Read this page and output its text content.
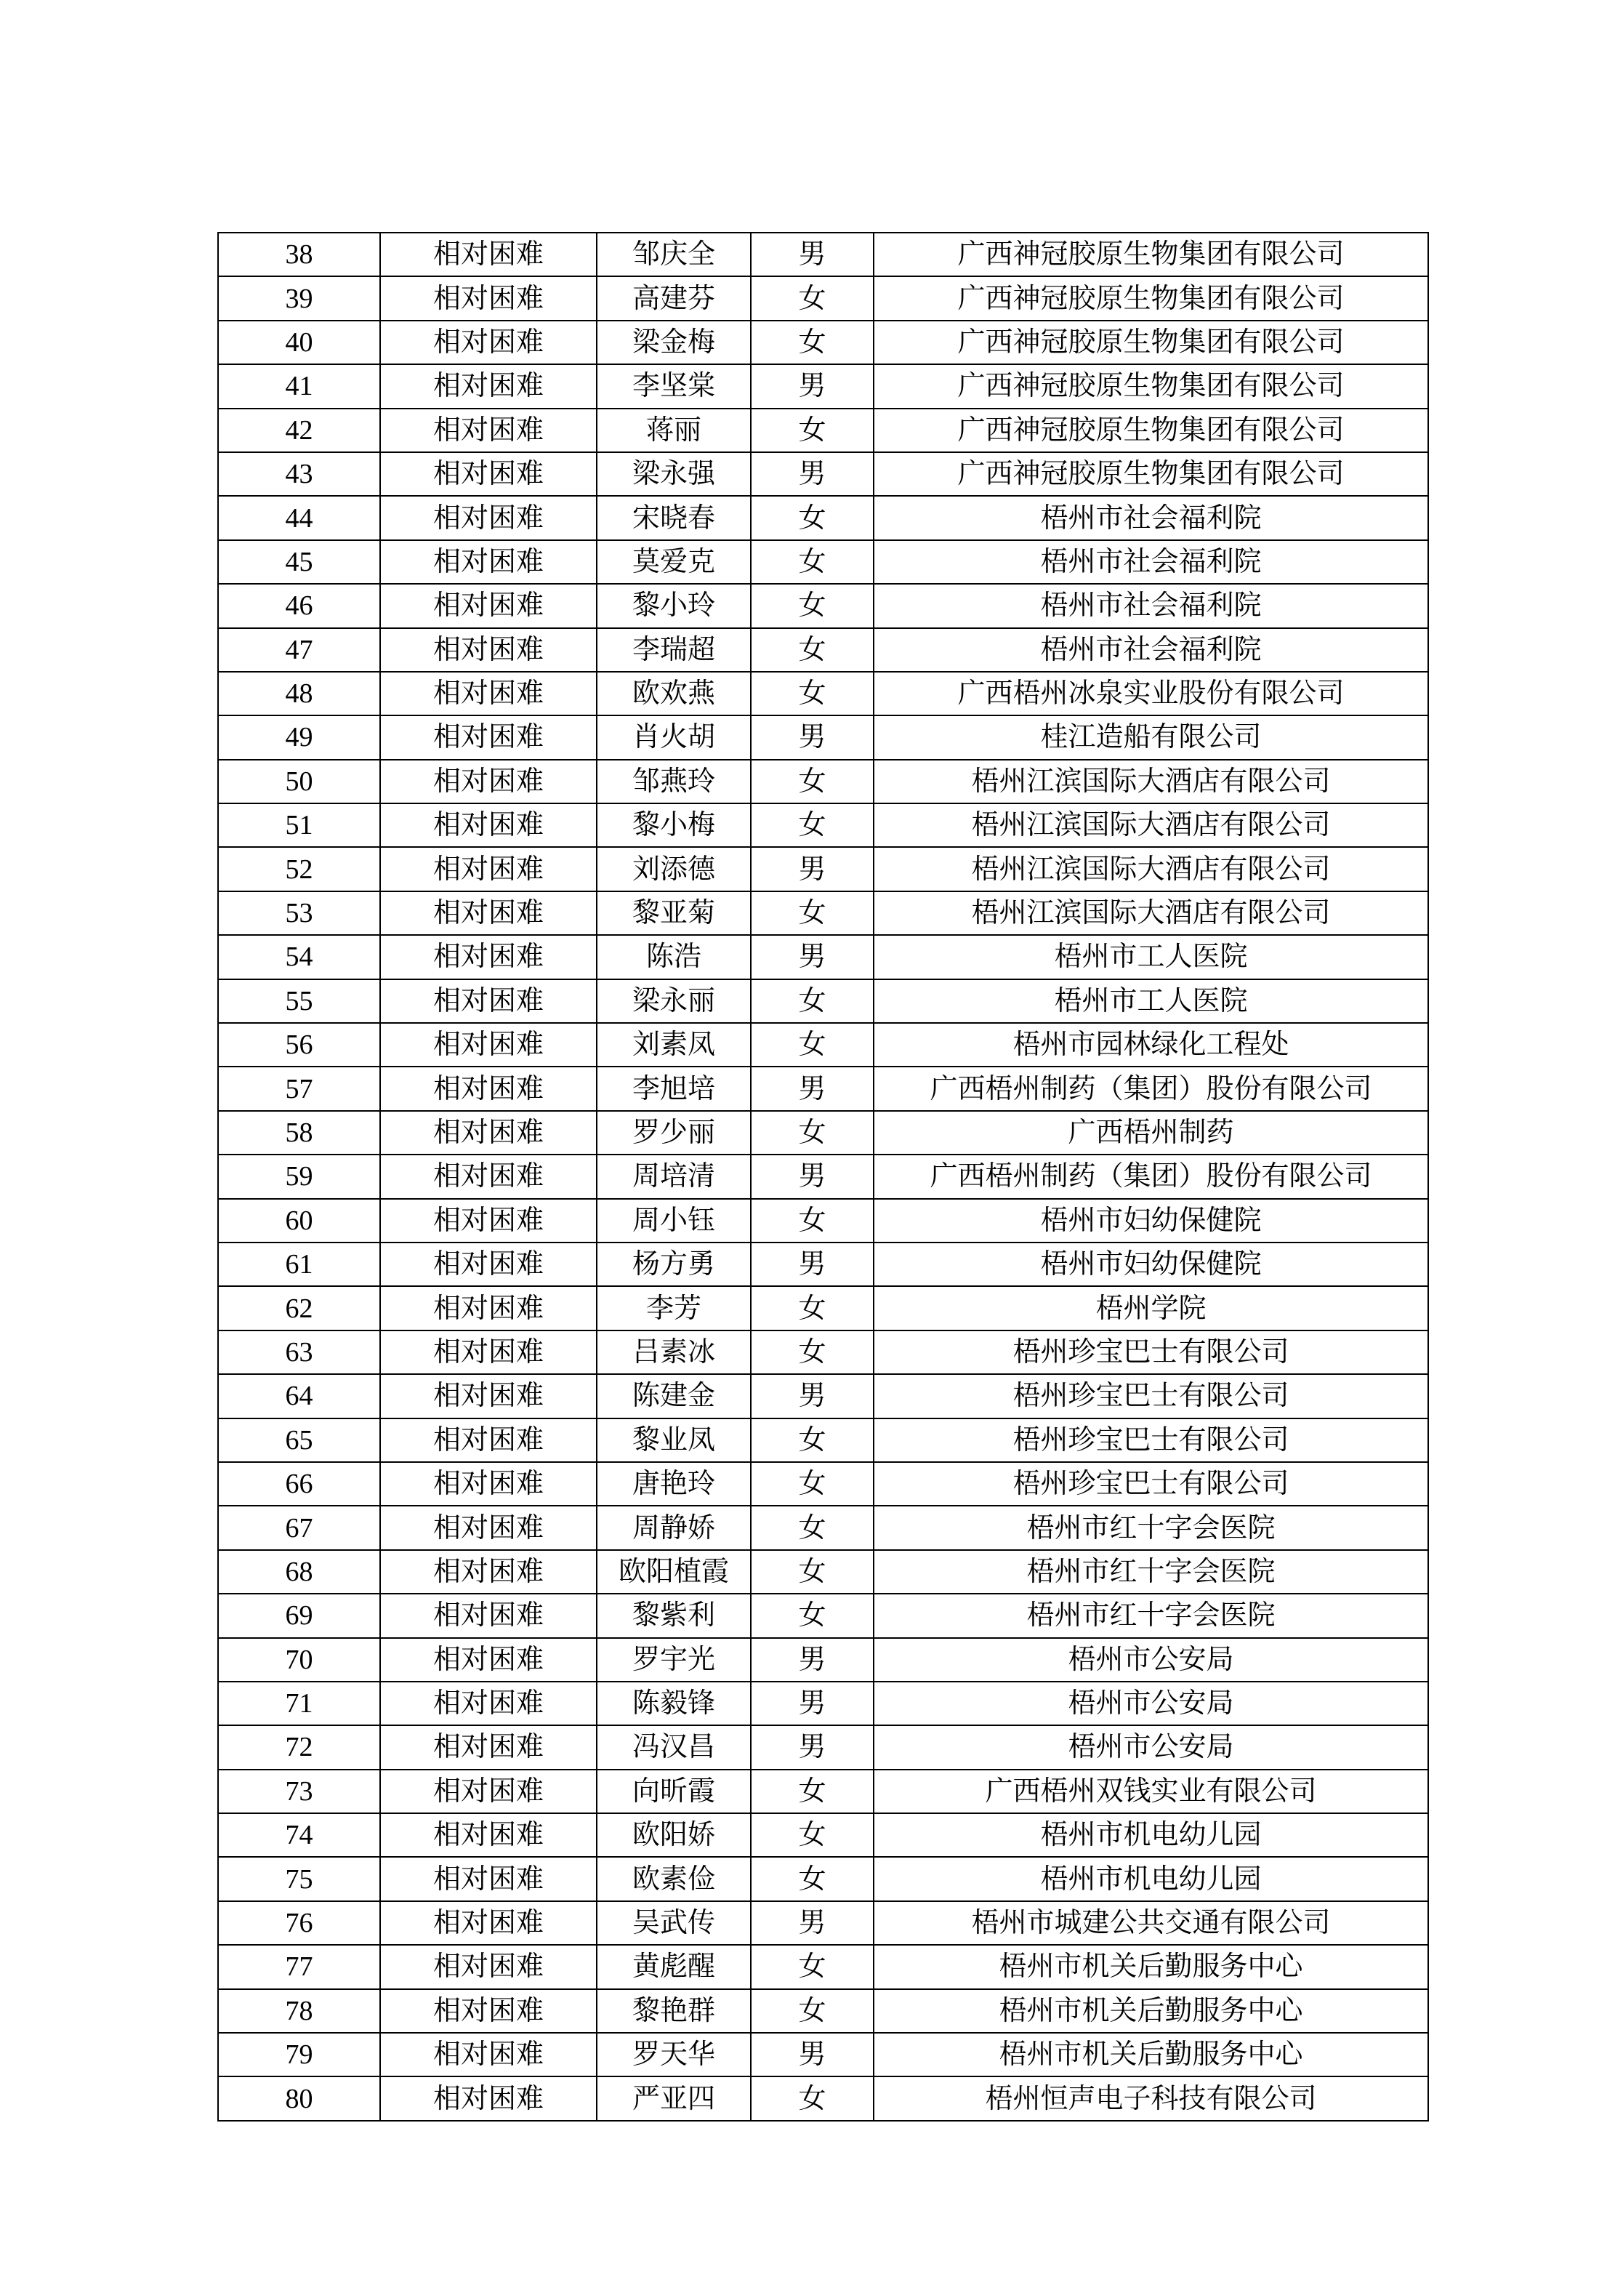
38	相对困难	邹庆全	男	广西神冠胶原生物集团有限公司
39	相对困难	高建芬	女	广西神冠胶原生物集团有限公司
40	相对困难	梁金梅	女	广西神冠胶原生物集团有限公司
41	相对困难	李坚棠	男	广西神冠胶原生物集团有限公司
42	相对困难	蒋丽	女	广西神冠胶原生物集团有限公司
43	相对困难	梁永强	男	广西神冠胶原生物集团有限公司
44	相对困难	宋晓春	女	梧州市社会福利院
45	相对困难	莫爱克	女	梧州市社会福利院
46	相对困难	黎小玲	女	梧州市社会福利院
47	相对困难	李瑞超	女	梧州市社会福利院
48	相对困难	欧欢燕	女	广西梧州冰泉实业股份有限公司
49	相对困难	肖火胡	男	桂江造船有限公司
50	相对困难	邹燕玲	女	梧州江滨国际大酒店有限公司
51	相对困难	黎小梅	女	梧州江滨国际大酒店有限公司
52	相对困难	刘添德	男	梧州江滨国际大酒店有限公司
53	相对困难	黎亚菊	女	梧州江滨国际大酒店有限公司
54	相对困难	陈浩	男	梧州市工人医院
55	相对困难	梁永丽	女	梧州市工人医院
56	相对困难	刘素凤	女	梧州市园林绿化工程处
57	相对困难	李旭培	男	广西梧州制药（集团）股份有限公司
58	相对困难	罗少丽	女	广西梧州制药
59	相对困难	周培清	男	广西梧州制药（集团）股份有限公司
60	相对困难	周小钰	女	梧州市妇幼保健院
61	相对困难	杨方勇	男	梧州市妇幼保健院
62	相对困难	李芳	女	梧州学院
63	相对困难	吕素冰	女	梧州珍宝巴士有限公司
64	相对困难	陈建金	男	梧州珍宝巴士有限公司
65	相对困难	黎业凤	女	梧州珍宝巴士有限公司
66	相对困难	唐艳玲	女	梧州珍宝巴士有限公司
67	相对困难	周静娇	女	梧州市红十字会医院
68	相对困难	欧阳植霞	女	梧州市红十字会医院
69	相对困难	黎紫利	女	梧州市红十字会医院
70	相对困难	罗宇光	男	梧州市公安局
71	相对困难	陈毅锋	男	梧州市公安局
72	相对困难	冯汉昌	男	梧州市公安局
73	相对困难	向昕霞	女	广西梧州双钱实业有限公司
74	相对困难	欧阳娇	女	梧州市机电幼儿园
75	相对困难	欧素俭	女	梧州市机电幼儿园
76	相对困难	吴武传	男	梧州市城建公共交通有限公司
77	相对困难	黄彪醒	女	梧州市机关后勤服务中心
78	相对困难	黎艳群	女	梧州市机关后勤服务中心
79	相对困难	罗天华	男	梧州市机关后勤服务中心
80	相对困难	严亚四	女	梧州恒声电子科技有限公司
